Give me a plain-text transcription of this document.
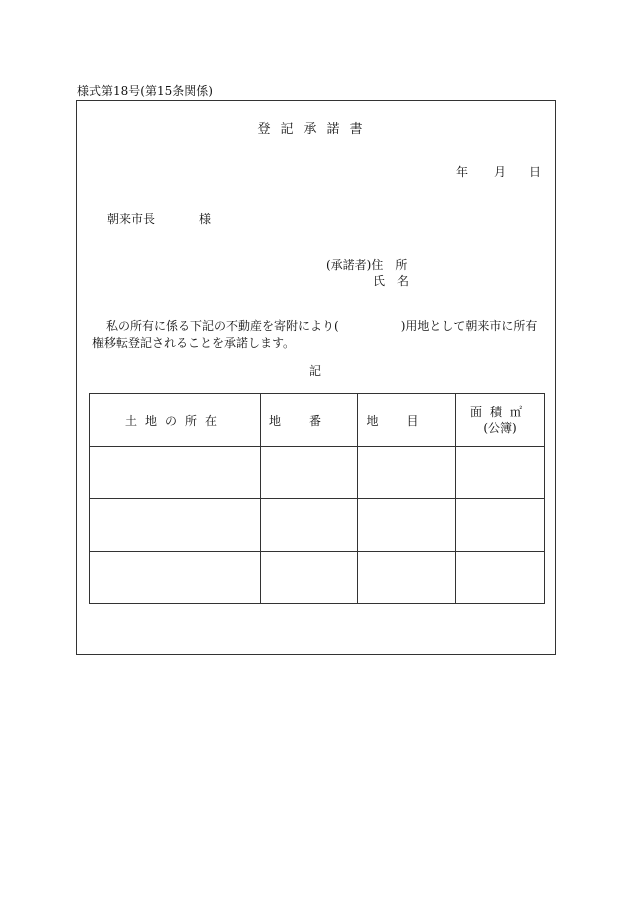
様式第18号(第15条関係)
登記承諾書
年 月 日
朝来市長	様
(承諾者)住　所
氏　名
私の所有に係る下記の不動産を寄附により(	)用地として朝来市に所有権移転登記されることを承諾します。
記
土地の所在	地番	地目	面積㎡
(公簿)
